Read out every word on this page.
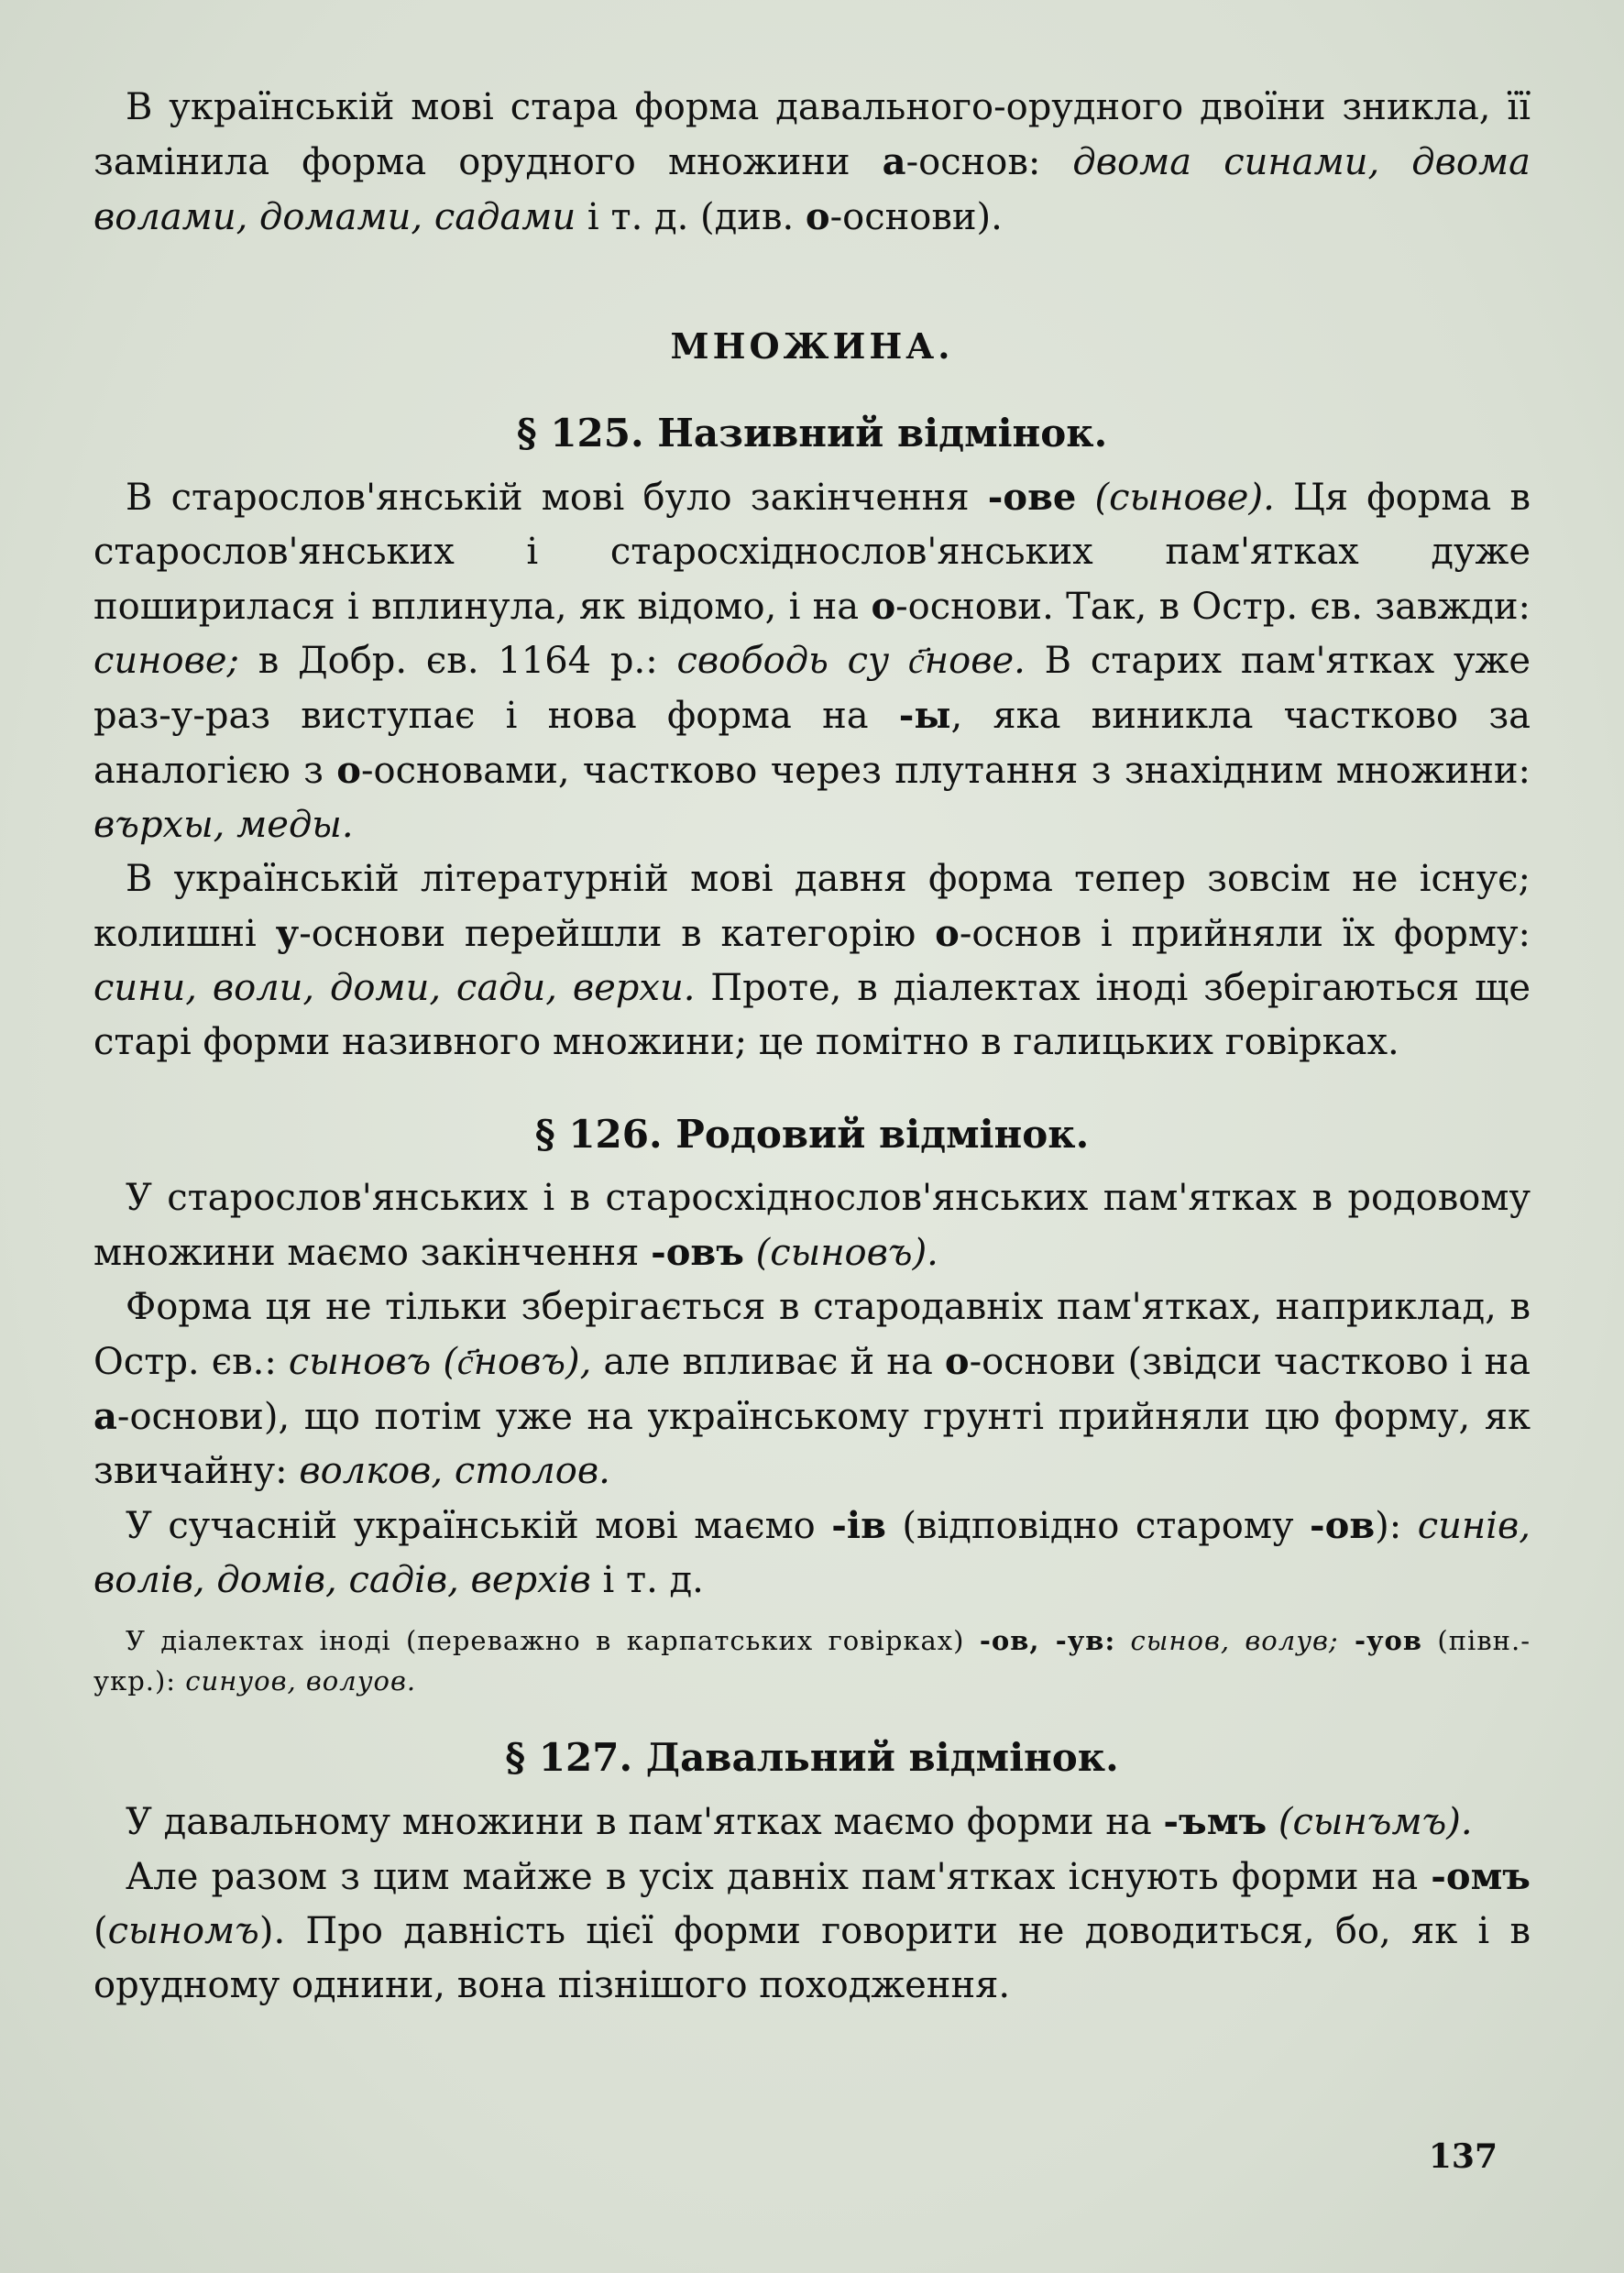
В українській мові стара форма давального-орудного двоїни зникла, її замінила форма орудного множини а-основ: двома синами, двома волами, домами, садами і т. д. (див. о-основи).

МНОЖИНА.
§ 125. Називний відмінок.

В старослов'янській мові було закінчення -ове (сынове). Ця форма в старослов'янських і староcxіднослов'янських пам'ятках дуже поширилася і вплинула, як відомо, і на о-основи. Так, в Остр. єв. завжди: синове; в Добр. єв. 1164 р.: свободь су с҃нове. В старих пам'ятках уже раз-у-раз виступає і нова форма на -ы, яка виникла частково за аналогією з о-основами, частково через плутання з знахідним множини: върхы, меды.

В українській літературній мові давня форма тепер зовсім не існує; колишні у-основи перейшли в категорію о-основ і прийняли їх форму: сини, воли, доми, сади, верхи. Проте, в діалектах іноді зберігаються ще старі форми називного множини; це помітно в галицьких говірках.

§ 126. Родовий відмінок.

У старослов'янських і в старосхіднослов'янських пам'ятках в родовому множини маємо закінчення -овъ (сыновъ).

Форма ця не тільки зберігається в стародавніх пам'ятках, наприклад, в Остр. єв.: сыновъ (с҃новъ), але впливає й на о-основи (звідси частково і на а-основи), що потім уже на українському грунті прийняли цю форму, як звичайну: волков, столов.

У сучасній українській мові маємо -ів (відповідно старому -ов): синів, волів, домів, садів, верхів і т. д.

У діалектах іноді (переважно в карпатських говірках) -ов, -ув: сынов, волув; -уов (півн.-укр.): синуов, волуов.

§ 127. Давальний відмінок.

У давальному множини в пам'ятках маємо форми на -ъмъ (сынъмъ).

Але разом з цим майже в усіх давніх пам'ятках існують форми на -омъ (сыномъ). Про давність цієї форми говорити не доводиться, бо, як і в орудному однини, вона пізнішого походження.

137
